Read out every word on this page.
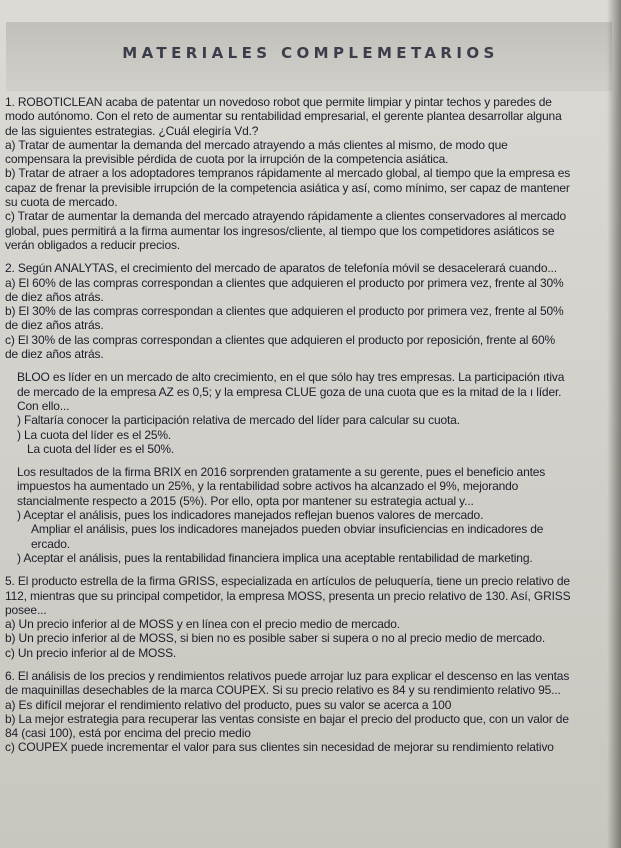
MATERIALES COMPLEMETARIOS

1. ROBOTICLEAN acaba de patentar un novedoso robot que permite limpiar y pintar techos y paredes de modo autónomo. Con el reto de aumentar su rentabilidad empresarial, el gerente plantea desarrollar alguna de las siguientes estrategias. ¿Cuál elegiría Vd.?

a) Tratar de aumentar la demanda del mercado atrayendo a más clientes al mismo, de modo que compensara la previsible pérdida de cuota por la irrupción de la competencia asiática.

b) Tratar de atraer a los adoptadores tempranos rápidamente al mercado global, al tiempo que la empresa es capaz de frenar la previsible irrupción de la competencia asiática y así, como mínimo, ser capaz de mantener su cuota de mercado.

c) Tratar de aumentar la demanda del mercado atrayendo rápidamente a clientes conservadores al mercado global, pues permitirá a la firma aumentar los ingresos/cliente, al tiempo que los competidores asiáticos se verán obligados a reducir precios.

2. Según ANALYTAS, el crecimiento del mercado de aparatos de telefonía móvil se desacelerará cuando...

a) El 60% de las compras correspondan a clientes que adquieren el producto por primera vez, frente al 30% de diez años atrás.

b) El 30% de las compras correspondan a clientes que adquieren el producto por primera vez, frente al 50% de diez años atrás.

c) El 30% de las compras correspondan a clientes que adquieren el producto por reposición, frente al 60% de diez años atrás.

BLOO es líder en un mercado de alto crecimiento, en el que sólo hay tres empresas. La participación ıtiva de mercado de la empresa AZ es 0,5; y la empresa CLUE goza de una cuota que es la mitad de la ı líder. Con ello...

) Faltaría conocer la participación relativa de mercado del líder para calcular su cuota.

) La cuota del líder es el 25%.

La cuota del líder es el 50%.

Los resultados de la firma BRIX en 2016 sorprenden gratamente a su gerente, pues el beneficio antes impuestos ha aumentado un 25%, y la rentabilidad sobre activos ha alcanzado el 9%, mejorando stancialmente respecto a 2015 (5%). Por ello, opta por mantener su estrategia actual y...

) Aceptar el análisis, pues los indicadores manejados reflejan buenos valores de mercado.

Ampliar el análisis, pues los indicadores manejados pueden obviar insuficiencias en indicadores de ercado.

) Aceptar el análisis, pues la rentabilidad financiera implica una aceptable rentabilidad de marketing.

5. El producto estrella de la firma GRISS, especializada en artículos de peluquería, tiene un precio relativo de 112, mientras que su principal competidor, la empresa MOSS, presenta un precio relativo de 130. Así, GRISS posee...

a) Un precio inferior al de MOSS y en línea con el precio medio de mercado.

b) Un precio inferior al de MOSS, si bien no es posible saber si supera o no al precio medio de mercado.

c) Un precio inferior al de MOSS.

6. El análisis de los precios y rendimientos relativos puede arrojar luz para explicar el descenso en las ventas de maquinillas desechables de la marca COUPEX. Si su precio relativo es 84 y su rendimiento relativo 95...

a) Es difícil mejorar el rendimiento relativo del producto, pues su valor se acerca a 100

b) La mejor estrategia para recuperar las ventas consiste en bajar el precio del producto que, con un valor de 84 (casi 100), está por encima del precio medio

c) COUPEX puede incrementar el valor para sus clientes sin necesidad de mejorar su rendimiento relativo
